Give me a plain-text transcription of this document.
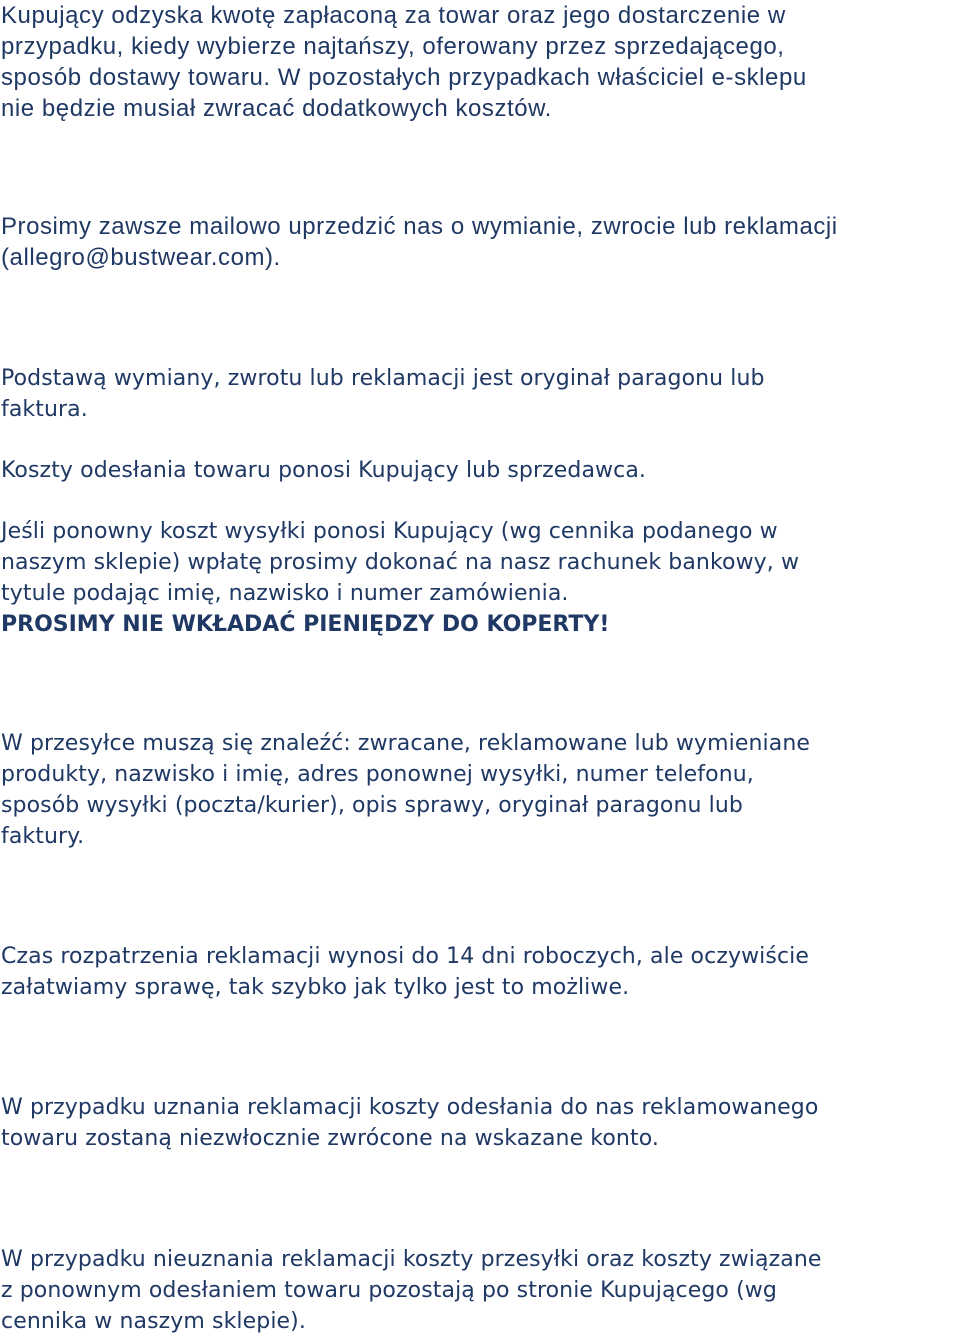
Kupujący odzyska kwotę zapłaconą za towar oraz jego dostarczenie w
przypadku, kiedy wybierze najtańszy, oferowany przez sprzedającego,
sposób dostawy towaru. W pozostałych przypadkach właściciel e-sklepu
nie będzie musiał zwracać dodatkowych kosztów.

Prosimy zawsze mailowo uprzedzić nas o wymianie, zwrocie lub reklamacji
(allegro@bustwear.com).

Podstawą wymiany, zwrotu lub reklamacji jest oryginał paragonu lub
faktura.

Koszty odesłania towaru ponosi Kupujący lub sprzedawca.

Jeśli ponowny koszt wysyłki ponosi Kupujący (wg cennika podanego w
naszym sklepie) wpłatę prosimy dokonać na nasz rachunek bankowy, w
tytule podając imię, nazwisko i numer zamówienia.
PROSIMY NIE WKŁADAĆ PIENIĘDZY DO KOPERTY!

W przesyłce muszą się znaleźć: zwracane, reklamowane lub wymieniane
produkty, nazwisko i imię, adres ponownej wysyłki, numer telefonu,
sposób wysyłki (poczta/kurier), opis sprawy, oryginał paragonu lub
faktury.

Czas rozpatrzenia reklamacji wynosi do 14 dni roboczych, ale oczywiście
załatwiamy sprawę, tak szybko jak tylko jest to możliwe.

W przypadku uznania reklamacji koszty odesłania do nas reklamowanego
towaru zostaną niezwłocznie zwrócone na wskazane konto.

W przypadku nieuznania reklamacji koszty przesyłki oraz koszty związane
z ponownym odesłaniem towaru pozostają po stronie Kupującego (wg
cennika w naszym sklepie).
